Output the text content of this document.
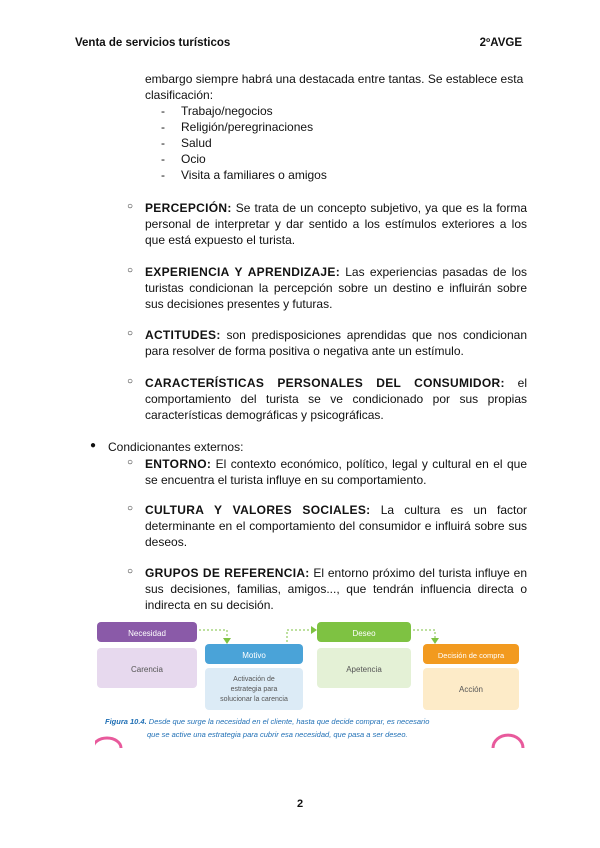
Venta de servicios turísticos	2ºAVGE
embargo siempre habrá una destacada entre tantas. Se establece esta
clasificación:
- Trabajo/negocios
- Religión/peregrinaciones
- Salud
- Ocio
- Visita a familiares o amigos
○ PERCEPCIÓN: Se trata de un concepto subjetivo, ya que es la forma personal de interpretar y dar sentido a los estímulos exteriores a los que está expuesto el turista.
○ EXPERIENCIA Y APRENDIZAJE: Las experiencias pasadas de los turistas condicionan la percepción sobre un destino e influirán sobre sus decisiones presentes y futuras.
○ ACTITUDES: son predisposiciones aprendidas que nos condicionan para resolver de forma positiva o negativa ante un estímulo.
○ CARACTERÍSTICAS PERSONALES DEL CONSUMIDOR: el comportamiento del turista se ve condicionado por sus propias características demográficas y psicográficas.
● Condicionantes externos:
○ ENTORNO: El contexto económico, político, legal y cultural en el que se encuentra el turista influye en su comportamiento.
○ CULTURA Y VALORES SOCIALES: La cultura es un factor determinante en el comportamiento del consumidor e influirá sobre sus deseos.
○ GRUPOS DE REFERENCIA: El entorno próximo del turista influye en sus decisiones, familias, amigos..., que tendrán influencia directa o indirecta en su decisión.
Necesidad
Carencia
Motivo
Activación de
estrategia para
solucionar la carencia
Deseo
Apetencia
Decisión de compra
Acción
Figura 10.4. Desde que surge la necesidad en el cliente, hasta que decide comprar, es necesario
que se active una estrategia para cubrir esa necesidad, que pasa a ser deseo.
2
